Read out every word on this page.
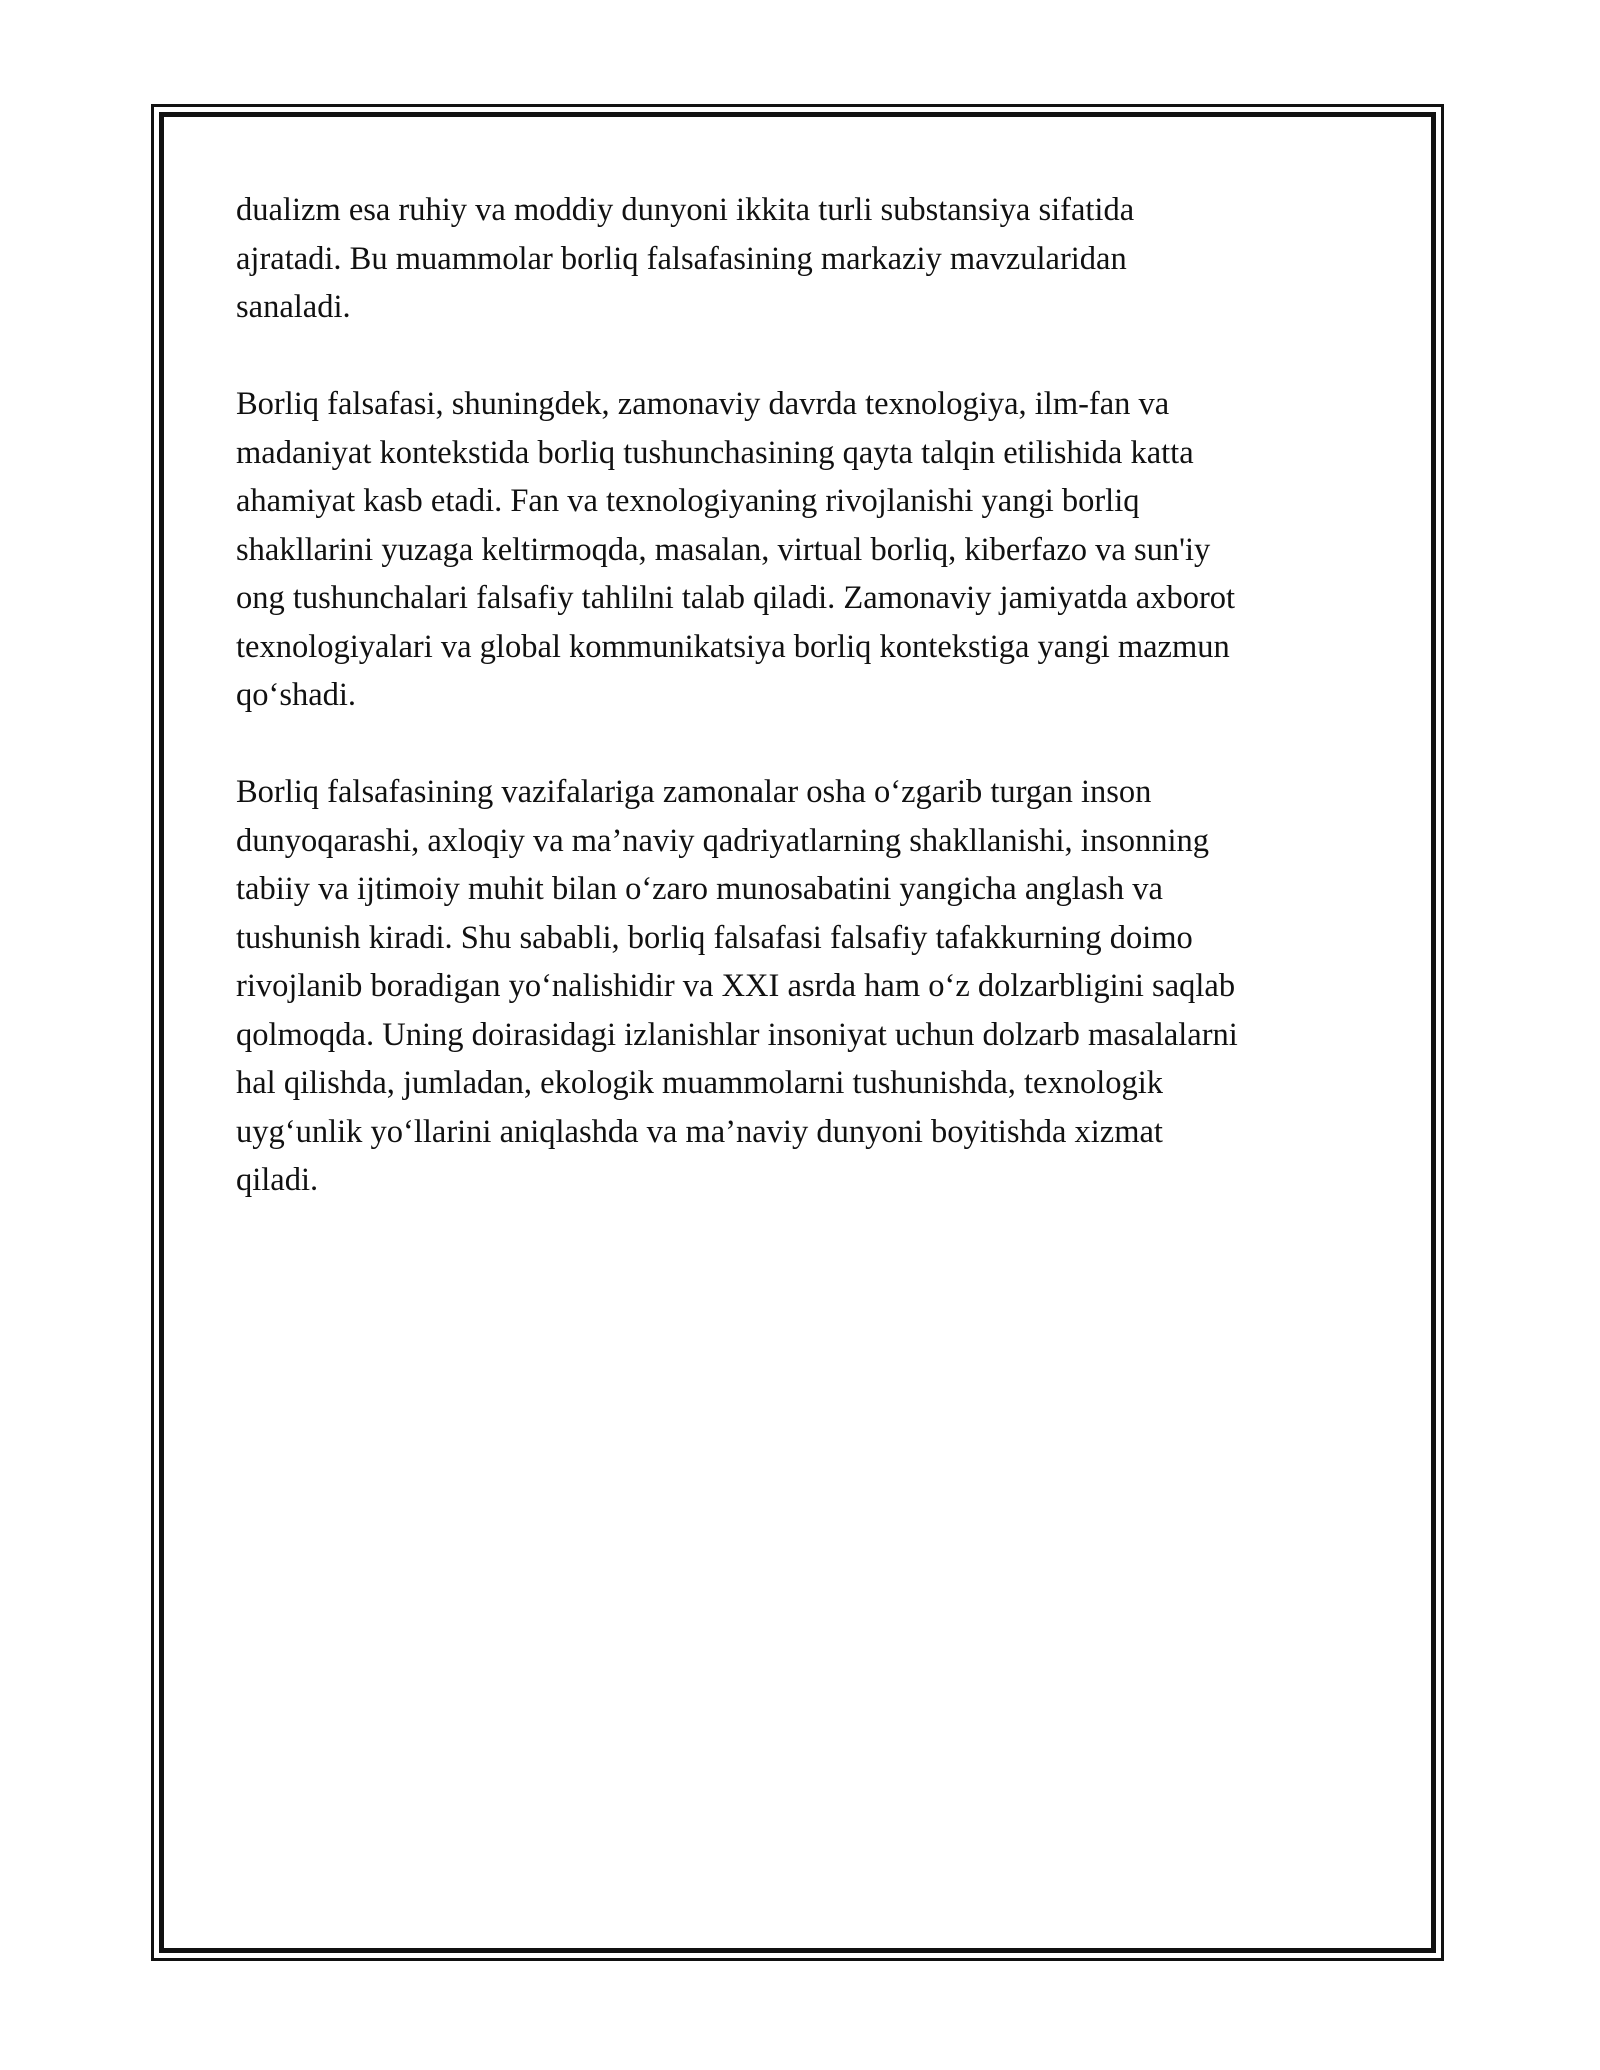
dualizm esa ruhiy va moddiy dunyoni ikkita turli substansiya sifatida
ajratadi. Bu muammolar borliq falsafasining markaziy mavzularidan
sanaladi.

Borliq falsafasi, shuningdek, zamonaviy davrda texnologiya, ilm-fan va
madaniyat kontekstida borliq tushunchasining qayta talqin etilishida katta
ahamiyat kasb etadi. Fan va texnologiyaning rivojlanishi yangi borliq
shakllarini yuzaga keltirmoqda, masalan, virtual borliq, kiberfazo va sun'iy
ong tushunchalari falsafiy tahlilni talab qiladi. Zamonaviy jamiyatda axborot
texnologiyalari va global kommunikatsiya borliq kontekstiga yangi mazmun
qo‘shadi.

Borliq falsafasining vazifalariga zamonalar osha o‘zgarib turgan inson
dunyoqarashi, axloqiy va ma’naviy qadriyatlarning shakllanishi, insonning
tabiiy va ijtimoiy muhit bilan o‘zaro munosabatini yangicha anglash va
tushunish kiradi. Shu sababli, borliq falsafasi falsafiy tafakkurning doimo
rivojlanib boradigan yo‘nalishidir va XXI asrda ham o‘z dolzarbligini saqlab
qolmoqda. Uning doirasidagi izlanishlar insoniyat uchun dolzarb masalalarni
hal qilishda, jumladan, ekologik muammolarni tushunishda, texnologik
uyg‘unlik yo‘llarini aniqlashda va ma’naviy dunyoni boyitishda xizmat
qiladi.
